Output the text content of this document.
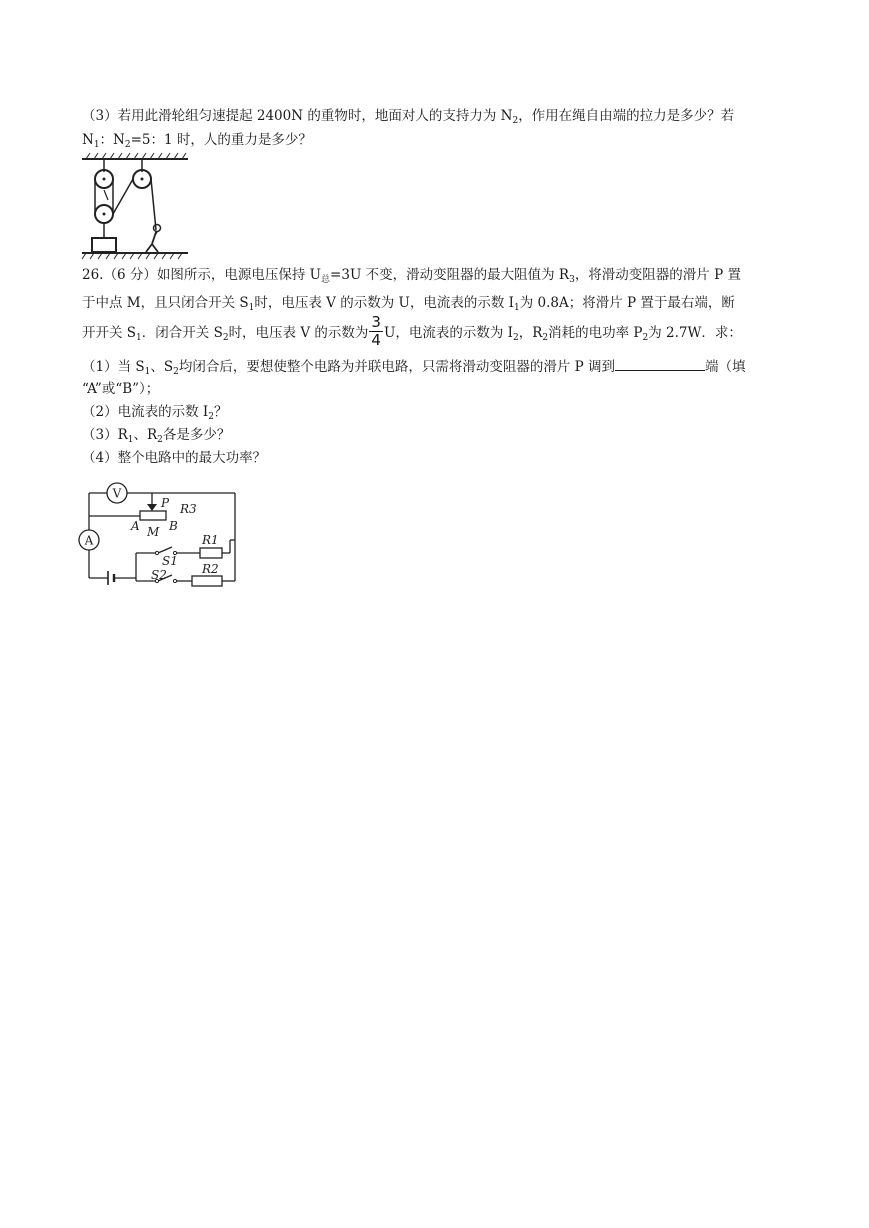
（3）若用此滑轮组匀速提起 2400N 的重物时，地面对人的支持力为 $N_2$，作用在绳自由端的拉力是多少？若
$N_1$：$N_2=5$：1 时，人的重力是多少？
26.（6 分）如图所示，电源电压保持 $U_总=3U$ 不变，滑动变阻器的最大阻值为 $R_3$，将滑动变阻器的滑片 P 置
于中点 M，且只闭合开关 $S_1$时，电压表 V 的示数为 U，电流表的示数 $I_1$为 0.8A；将滑片 P 置于最右端，断
开开关 $S_1$．闭合开关 $S_2$时，电压表 V 的示数为 $\frac{3}{4}$ U，电流表的示数为 $I_2$，$R_2$消耗的电功率 $P_2$为 2.7W．求：
（1）当 $S_1$、$S_2$均闭合后，要想使整个电路为并联电路，只需将滑动变阻器的滑片 P 调到	端（填
“A”或“B”）；
（2）电流表的示数 $I_2$？
$(3)R_1$、$R_2$各是多少？
（4）整个电路中的最大功率？
V
A
P R3
A B
M
S1
S2
R1
R2
